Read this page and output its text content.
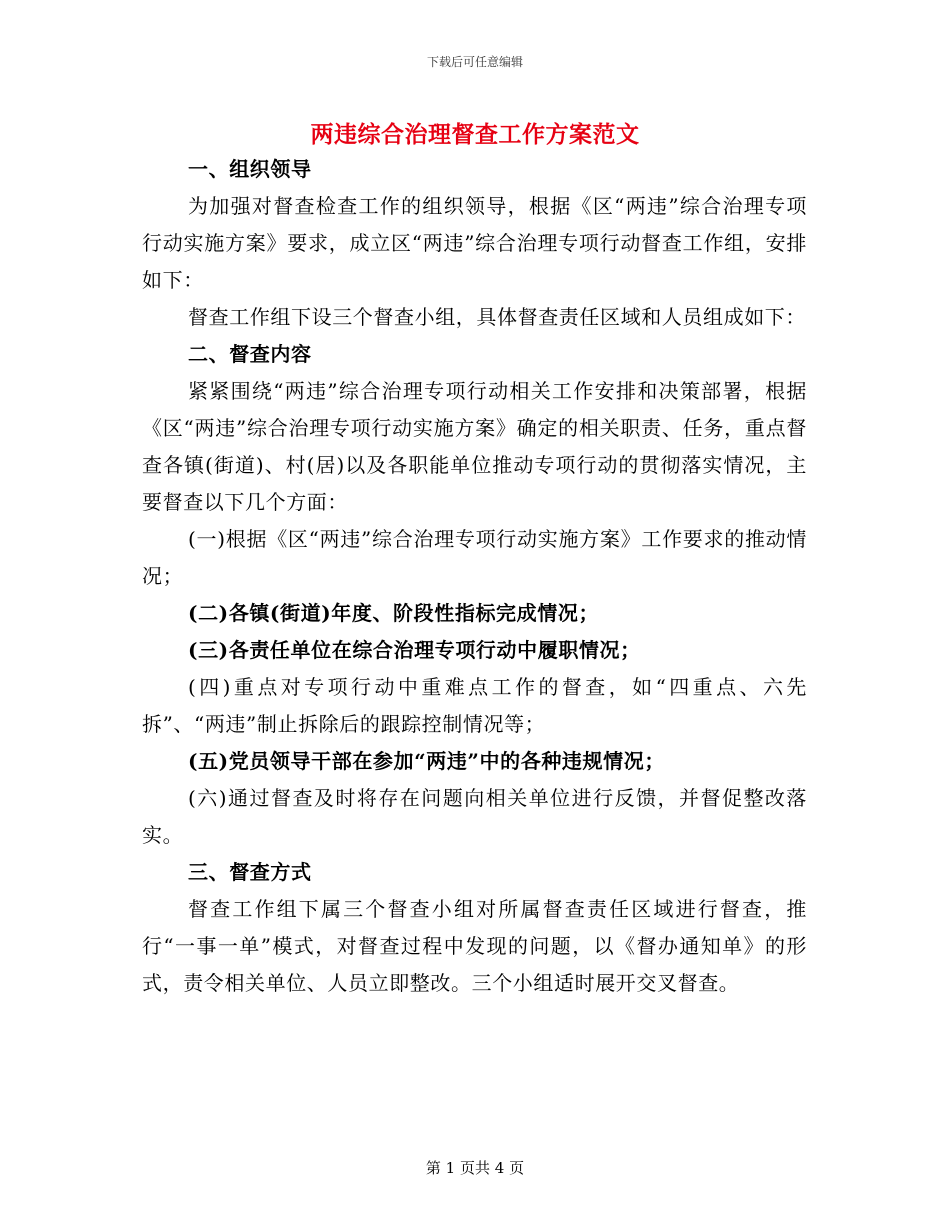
下载后可任意编辑
两违综合治理督查工作方案范文

一、组织领导

为加强对督查检查工作的组织领导，根据《区“两违”综合治理专项行动实施方案》要求，成立区“两违”综合治理专项行动督查工作组，安排如下：

督查工作组下设三个督查小组，具体督查责任区域和人员组成如下：

二、督查内容

紧紧围绕“两违”综合治理专项行动相关工作安排和决策部署，根据《区“两违”综合治理专项行动实施方案》确定的相关职责、任务，重点督查各镇(街道)、村(居)以及各职能单位推动专项行动的贯彻落实情况，主要督查以下几个方面：

(一)根据《区“两违”综合治理专项行动实施方案》工作要求的推动情况；

(二)各镇(街道)年度、阶段性指标完成情况；

(三)各责任单位在综合治理专项行动中履职情况；

(四)重点对专项行动中重难点工作的督查，如“四重点、六先拆”、“两违”制止拆除后的跟踪控制情况等；

(五)党员领导干部在参加“两违”中的各种违规情况；

(六)通过督查及时将存在问题向相关单位进行反馈，并督促整改落实。

三、督查方式

督查工作组下属三个督查小组对所属督查责任区域进行督查，推行“一事一单”模式，对督查过程中发现的问题，以《督办通知单》的形式，责令相关单位、人员立即整改。三个小组适时展开交叉督查。

第 1 页共 4 页
